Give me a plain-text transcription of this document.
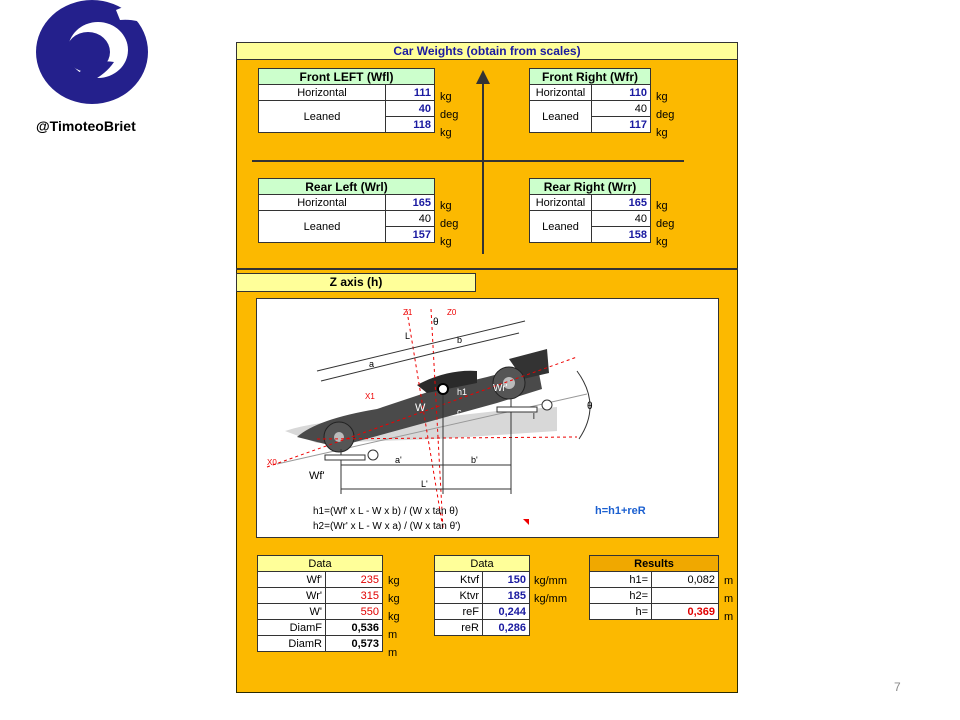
@TimoteoBriet
Car Weights (obtain from scales)
Front LEFT (Wfl)	
Horizontal	111
Leaned	40
	118
kg
deg
kg
Front Right (Wfr)	
Horizontal	110
Leaned	40
	117
kg
deg
kg
Rear Left (Wrl)	
Horizontal	165
Leaned	40
	157
kg
deg
kg
Rear Right (Wrr)	
Horizontal	165
Leaned	40
	158
kg
deg
kg
Z axis (h)
Z1	Z0
θ
L	b
a
h1
W	c
Wr'
X1
X0	a'	b'
L'
Wf'
θ
l
h1=(Wf' x L - W x b) / (W x tan θ)
h2=(Wr' x L - W x a) / (W x tan θ')
h=h1+reR
Data	
Wf'	235
Wr'	315
W'	550
DiamF	0,536
DiamR	0,573
kg
kg
kg
m
m
Data	
Ktvf	150
Ktvr	185
reF	0,244
reR	0,286
kg/mm
kg/mm
Results	
h1=	0,082
h2=	
h=	0,369
m
m
m
7
